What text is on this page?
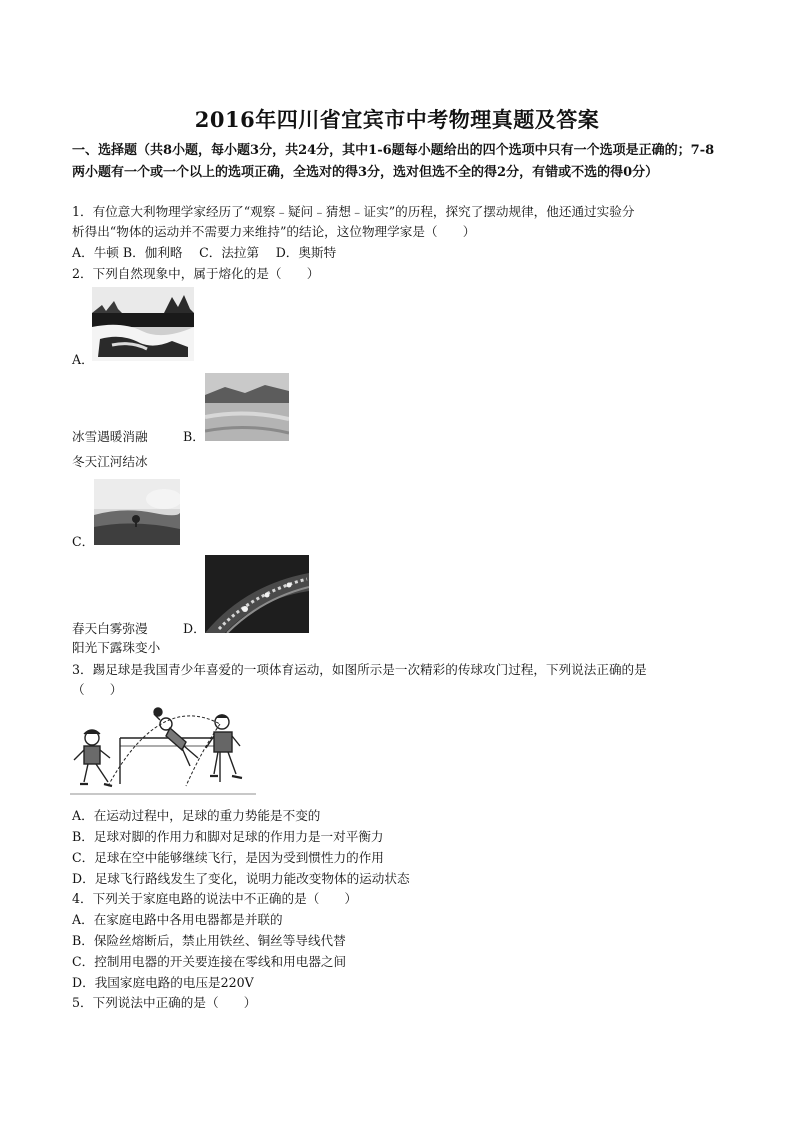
2016年四川省宜宾市中考物理真题及答案
一、选择题（共8小题，每小题3分，共24分，其中1-6题每小题给出的四个选项中只有一个选项是正确的；7-8两小题有一个或一个以上的选项正确，全选对的得3分，选对但选不全的得2分，有错或不选的得0分）
1．有位意大利物理学家经历了“观察﹣疑问﹣猜想﹣证实”的历程，探究了摆动规律，他还通过实验分
析得出“物体的运动并不需要力来维持”的结论，这位物理学家是（　　）
A．牛顿 B．伽利略　 C．法拉第　 D．奥斯特
2．下列自然现象中，属于熔化的是（　　）
A．
冰雪遇暖消融	B．
冬天江河结冰
C．
春天白雾弥漫	D．
阳光下露珠变小
3．踢足球是我国青少年喜爱的一项体育运动，如图所示是一次精彩的传球攻门过程，下列说法正确的是
（　　）
A．在运动过程中，足球的重力势能是不变的
B．足球对脚的作用力和脚对足球的作用力是一对平衡力
C．足球在空中能够继续飞行，是因为受到惯性力的作用
D．足球飞行路线发生了变化，说明力能改变物体的运动状态
4．下列关于家庭电路的说法中不正确的是（　　）
A．在家庭电路中各用电器都是并联的
B．保险丝熔断后，禁止用铁丝、铜丝等导线代替
C．控制用电器的开关要连接在零线和用电器之间
D．我国家庭电路的电压是220V
5．下列说法中正确的是（　　）
